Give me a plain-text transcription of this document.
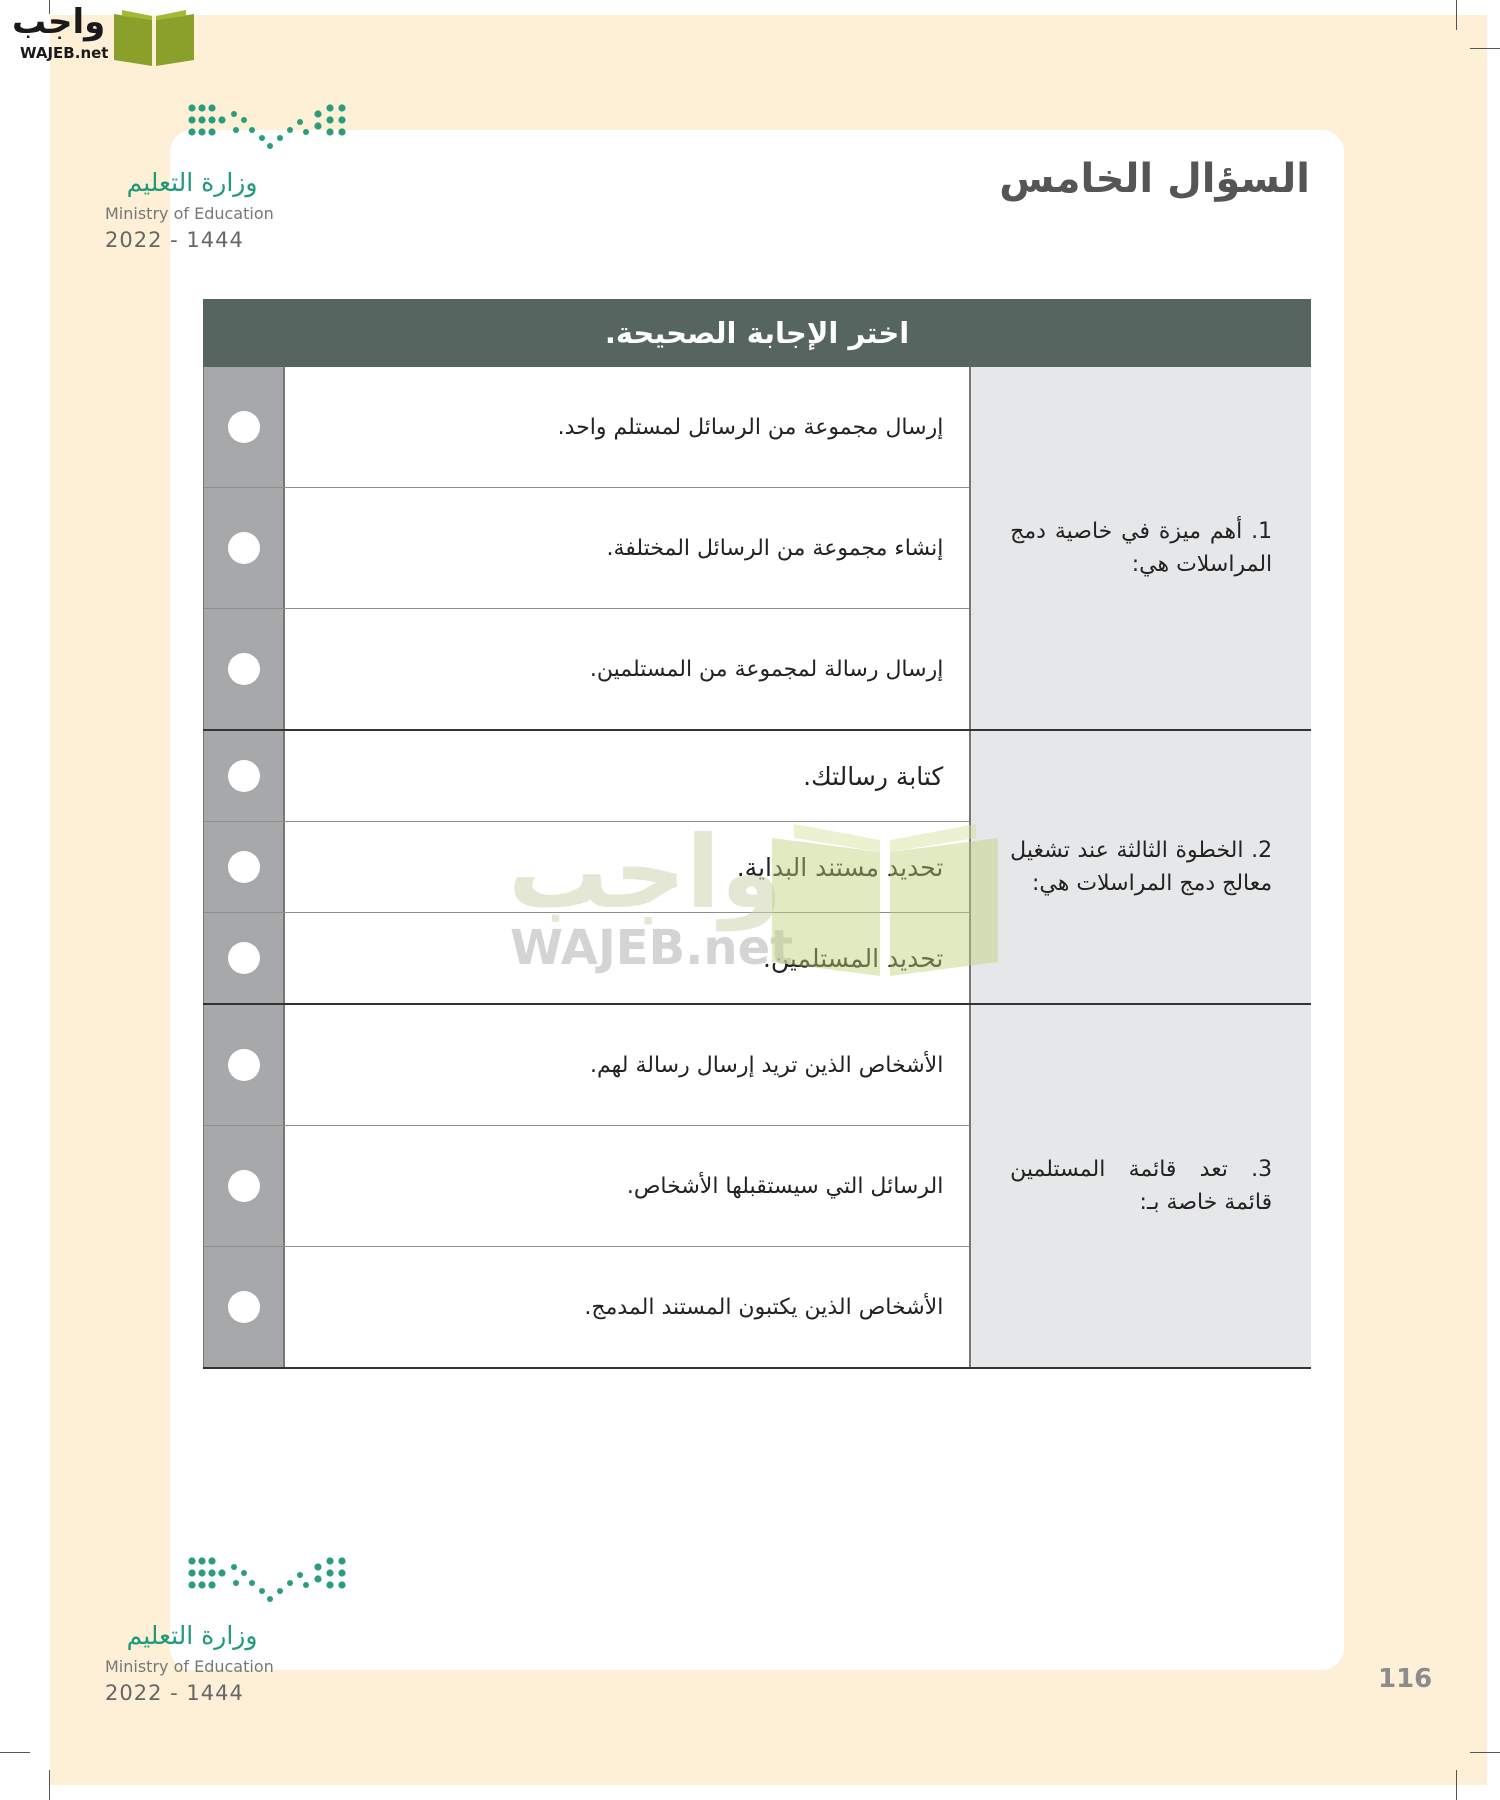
واجب
WAJEB.net
وزارة التعليم
Ministry of Education
2022 - 1444
السؤال الخامس
اختر الإجابة الصحيحة.
إرسال مجموعة من الرسائل لمستلم واحد.
إنشاء مجموعة من الرسائل المختلفة.
إرسال رسالة لمجموعة من المستلمين.
1. أهم ميزة في خاصية دمج المراسلات هي:
كتابة رسالتك.
تحديد مستند البداية.
تحديد المستلمين.
2. الخطوة الثالثة عند تشغيل معالج دمج المراسلات هي:
الأشخاص الذين تريد إرسال رسالة لهم.
الرسائل التي سيستقبلها الأشخاص.
الأشخاص الذين يكتبون المستند المدمج.
3. تعد قائمة المستلمين قائمة خاصة بـ:
واجب
WAJEB.net
وزارة التعليم
Ministry of Education
2022 - 1444	116
